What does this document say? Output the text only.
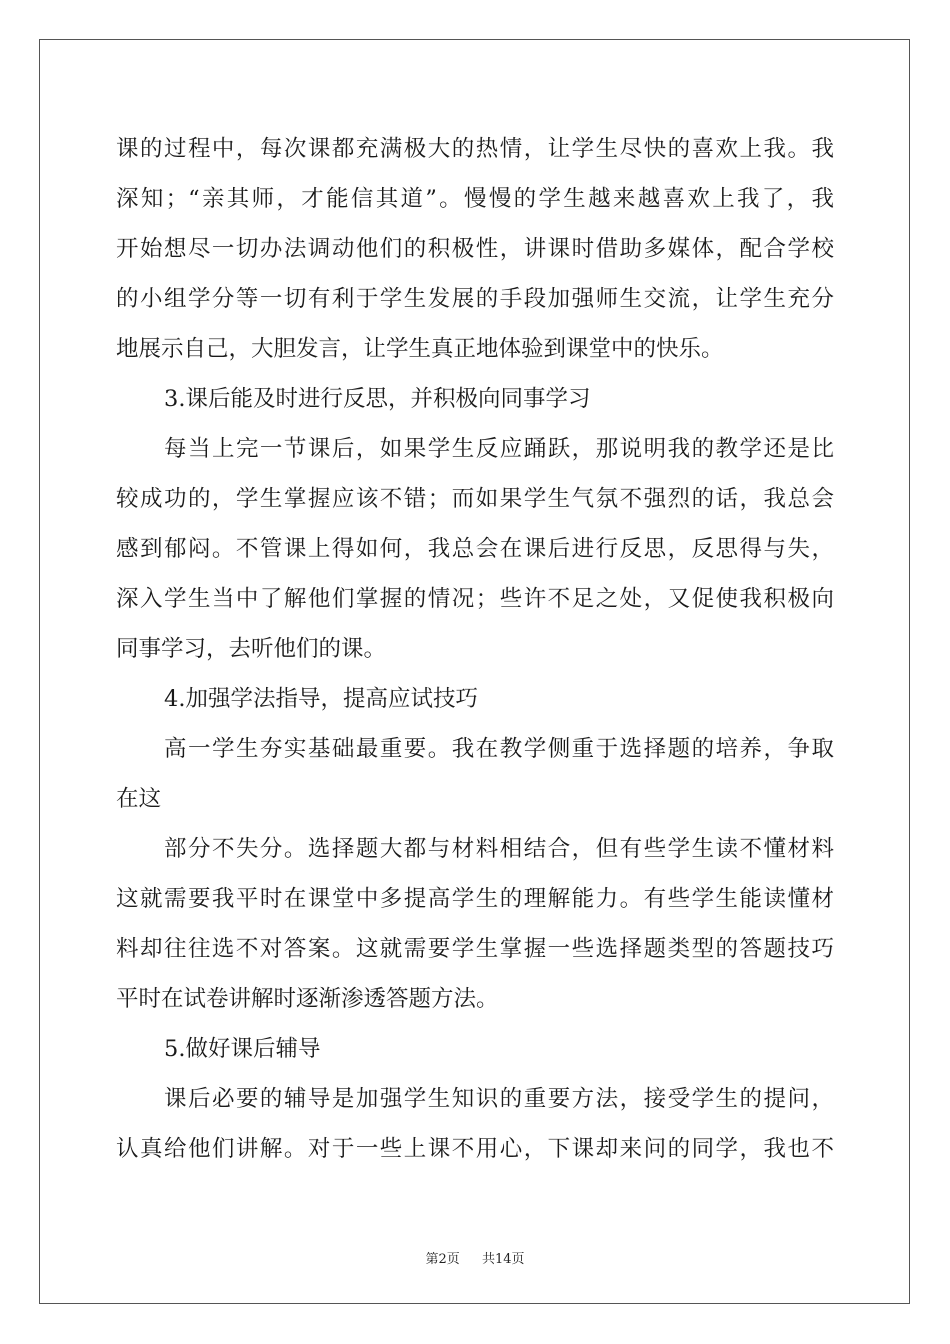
课的过程中，每次课都充满极大的热情，让学生尽快的喜欢上我。我
深知；“亲其师，才能信其道”。慢慢的学生越来越喜欢上我了，我
开始想尽一切办法调动他们的积极性，讲课时借助多媒体，配合学校
的小组学分等一切有利于学生发展的手段加强师生交流，让学生充分
地展示自己，大胆发言，让学生真正地体验到课堂中的快乐。
3.课后能及时进行反思，并积极向同事学习
每当上完一节课后，如果学生反应踊跃，那说明我的教学还是比
较成功的，学生掌握应该不错；而如果学生气氛不强烈的话，我总会
感到郁闷。不管课上得如何，我总会在课后进行反思，反思得与失，
深入学生当中了解他们掌握的情况；些许不足之处，又促使我积极向
同事学习，去听他们的课。
4.加强学法指导，提高应试技巧
高一学生夯实基础最重要。我在教学侧重于选择题的培养，争取
在这
部分不失分。选择题大都与材料相结合，但有些学生读不懂材料
这就需要我平时在课堂中多提高学生的理解能力。有些学生能读懂材
料却往往选不对答案。这就需要学生掌握一些选择题类型的答题技巧
平时在试卷讲解时逐渐渗透答题方法。
5.做好课后辅导
课后必要的辅导是加强学生知识的重要方法，接受学生的提问，
认真给他们讲解。对于一些上课不用心，下课却来问的同学，我也不
第2页 共14页
